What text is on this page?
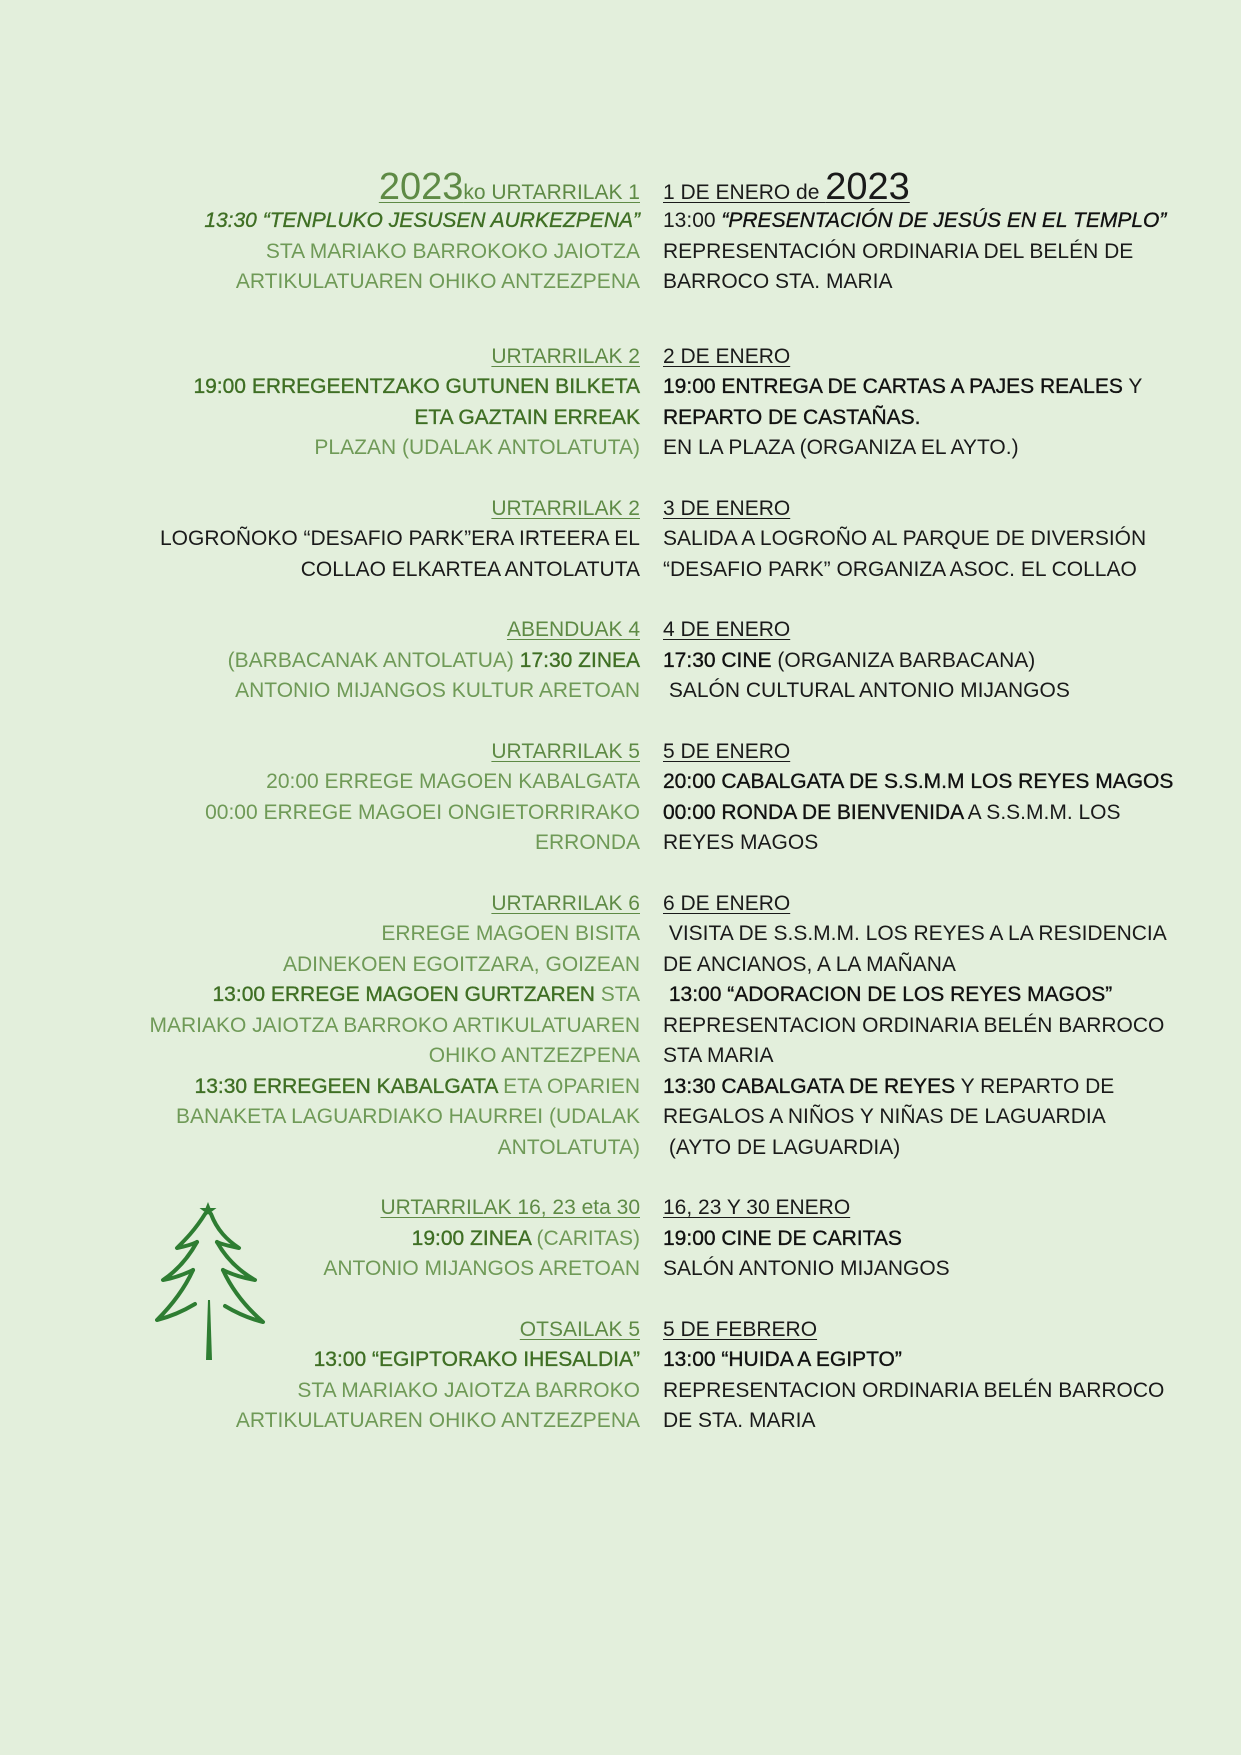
2023ko URTARRILAK 1
13:30 “TENPLUKO JESUSEN AURKEZPENA”
STA MARIAKO BARROKOKO JAIOTZA
ARTIKULATUAREN OHIKO ANTZEZPENA
URTARRILAK 2
19:00 ERREGEENTZAKO GUTUNEN BILKETA
ETA GAZTAIN ERREAK
PLAZAN (UDALAK ANTOLATUTA)
URTARRILAK 2
LOGROÑOKO “DESAFIO PARK”ERA IRTEERA EL
COLLAO ELKARTEA ANTOLATUTA
ABENDUAK 4
(BARBACANAK ANTOLATUA) 17:30 ZINEA
ANTONIO MIJANGOS KULTUR ARETOAN
URTARRILAK 5
20:00 ERREGE MAGOEN KABALGATA
00:00 ERREGE MAGOEI ONGIETORRIRAKO
ERRONDA
URTARRILAK 6
ERREGE MAGOEN BISITA
ADINEKOEN EGOITZARA, GOIZEAN
13:00 ERREGE MAGOEN GURTZAREN STA
MARIAKO JAIOTZA BARROKO ARTIKULATUAREN
OHIKO ANTZEZPENA
13:30 ERREGEEN KABALGATA ETA OPARIEN
BANAKETA LAGUARDIAKO HAURREI (UDALAK
ANTOLATUTA)
URTARRILAK 16, 23 eta 30
19:00 ZINEA (CARITAS)
ANTONIO MIJANGOS ARETOAN
OTSAILAK 5
13:00 “EGIPTORAKO IHESALDIA”
STA MARIAKO JAIOTZA BARROKO
ARTIKULATUAREN OHIKO ANTZEZPENA
1 DE ENERO de 2023
13:00 “PRESENTACIÓN DE JESÚS EN EL TEMPLO”
REPRESENTACIÓN ORDINARIA DEL BELÉN DE
BARROCO STA. MARIA
2 DE ENERO
19:00 ENTREGA DE CARTAS A PAJES REALES Y
REPARTO DE CASTAÑAS.
EN LA PLAZA (ORGANIZA EL AYTO.)
3 DE ENERO
SALIDA A LOGROÑO AL PARQUE DE DIVERSIÓN
“DESAFIO PARK” ORGANIZA ASOC. EL COLLAO
4 DE ENERO
17:30 CINE (ORGANIZA BARBACANA)
SALÓN CULTURAL ANTONIO MIJANGOS
5 DE ENERO
20:00 CABALGATA DE S.S.M.M LOS REYES MAGOS
00:00 RONDA DE BIENVENIDA A S.S.M.M. LOS
REYES MAGOS
6 DE ENERO
VISITA DE S.S.M.M. LOS REYES A LA RESIDENCIA
DE ANCIANOS, A LA MAÑANA
13:00 “ADORACION DE LOS REYES MAGOS”
REPRESENTACION ORDINARIA BELÉN BARROCO
STA MARIA
13:30 CABALGATA DE REYES Y REPARTO DE
REGALOS A NIÑOS Y NIÑAS DE LAGUARDIA
(AYTO DE LAGUARDIA)
16, 23 Y 30 ENERO
19:00 CINE DE CARITAS
SALÓN ANTONIO MIJANGOS
5 DE FEBRERO
13:00 “HUIDA A EGIPTO”
REPRESENTACION ORDINARIA BELÉN BARROCO
DE STA. MARIA
